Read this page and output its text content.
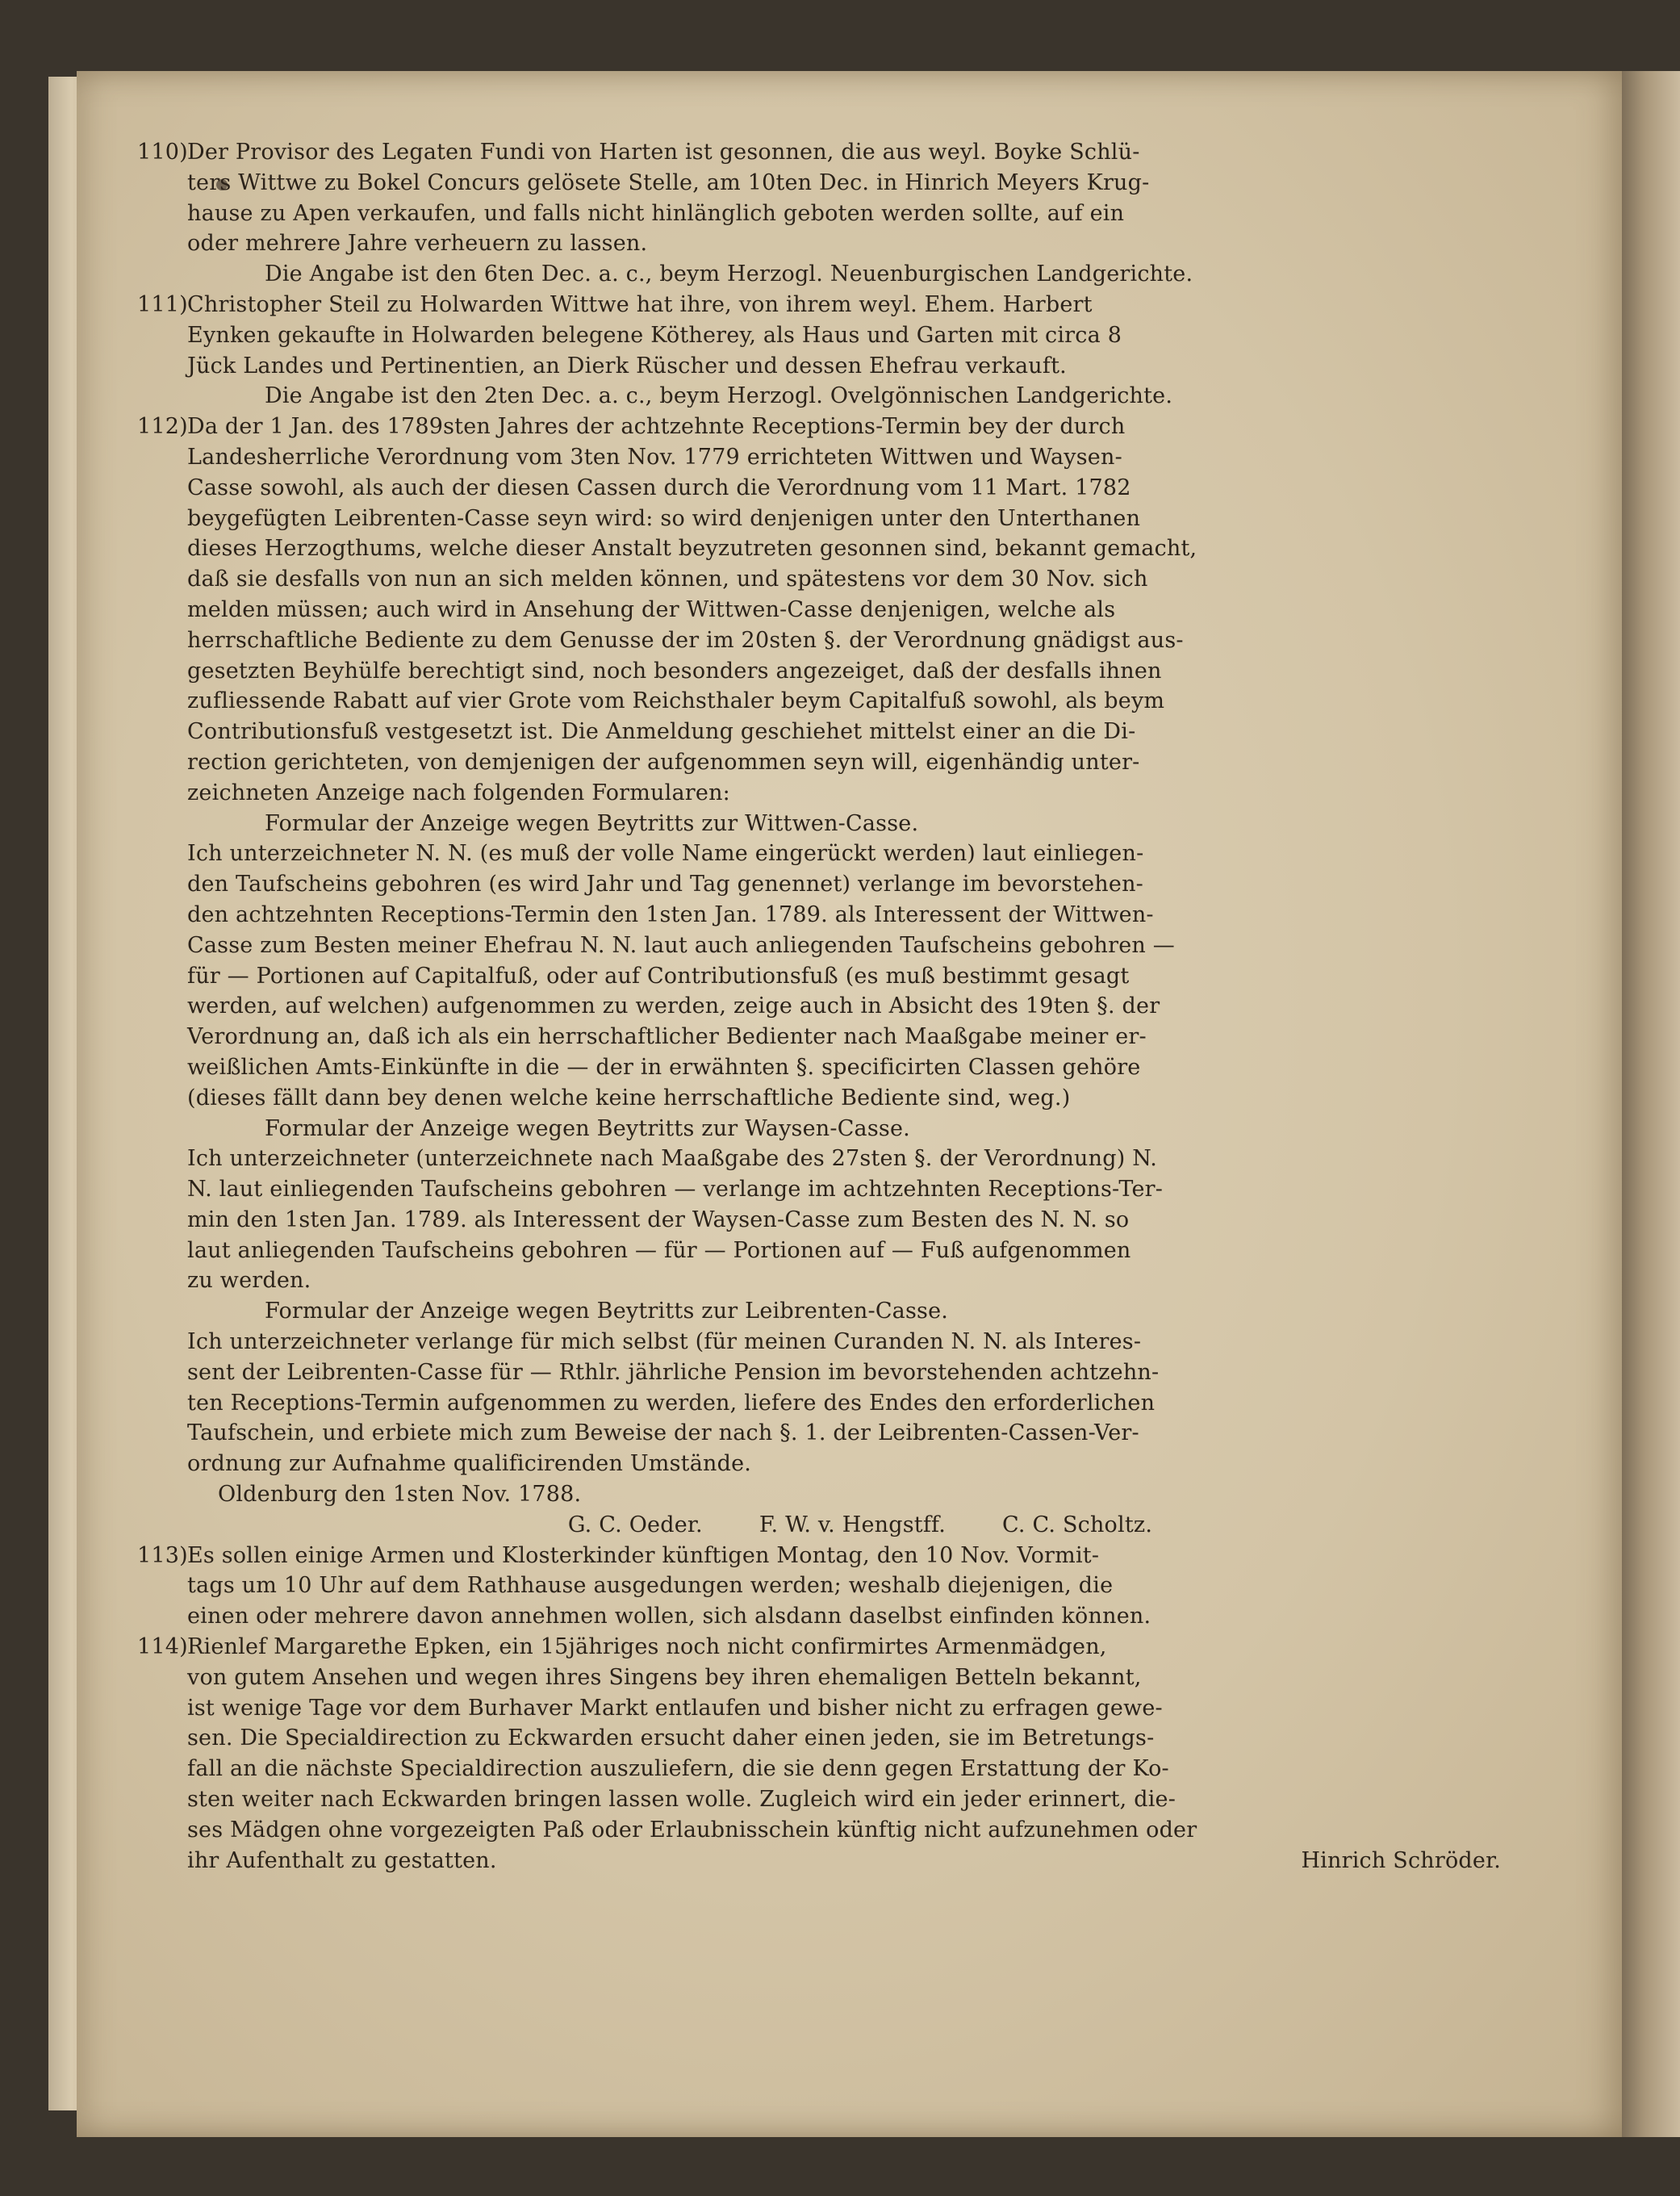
110) Der Provisor des Legaten Fundi von Harten ist gesonnen, die aus weyl. Boyke Schlü-

ters Wittwe zu Bokel Concurs gelösete Stelle, am 10ten Dec. in Hinrich Meyers Krug-

hause zu Apen verkaufen, und falls nicht hinlänglich geboten werden sollte, auf ein

oder mehrere Jahre verheuern zu lassen.

Die Angabe ist den 6ten Dec. a. c., beym Herzogl. Neuenburgischen Landgerichte.

111) Christopher Steil zu Holwarden Wittwe hat ihre, von ihrem weyl. Ehem. Harbert

Eynken gekaufte in Holwarden belegene Kötherey, als Haus und Garten mit circa 8

Jück Landes und Pertinentien, an Dierk Rüscher und dessen Ehefrau verkauft.

Die Angabe ist den 2ten Dec. a. c., beym Herzogl. Ovelgönnischen Landgerichte.

112) Da der 1 Jan. des 1789sten Jahres der achtzehnte Receptions-Termin bey der durch

Landesherrliche Verordnung vom 3ten Nov. 1779 errichteten Wittwen und Waysen-

Casse sowohl, als auch der diesen Cassen durch die Verordnung vom 11 Mart. 1782

beygefügten Leibrenten-Casse seyn wird: so wird denjenigen unter den Unterthanen

dieses Herzogthums, welche dieser Anstalt beyzutreten gesonnen sind, bekannt gemacht,

daß sie desfalls von nun an sich melden können, und spätestens vor dem 30 Nov. sich

melden müssen; auch wird in Ansehung der Wittwen-Casse denjenigen, welche als

herrschaftliche Bediente zu dem Genusse der im 20sten §. der Verordnung gnädigst aus-

gesetzten Beyhülfe berechtigt sind, noch besonders angezeiget, daß der desfalls ihnen

zufliessende Rabatt auf vier Grote vom Reichsthaler beym Capitalfuß sowohl, als beym

Contributionsfuß vestgesetzt ist. Die Anmeldung geschiehet mittelst einer an die Di-

rection gerichteten, von demjenigen der aufgenommen seyn will, eigenhändig unter-

zeichneten Anzeige nach folgenden Formularen:

Formular der Anzeige wegen Beytritts zur Wittwen-Casse.

Ich unterzeichneter N. N. (es muß der volle Name eingerückt werden) laut einliegen-

den Taufscheins gebohren (es wird Jahr und Tag genennet) verlange im bevorstehen-

den achtzehnten Receptions-Termin den 1sten Jan. 1789. als Interessent der Wittwen-

Casse zum Besten meiner Ehefrau N. N. laut auch anliegenden Taufscheins gebohren —

für — Portionen auf Capitalfuß, oder auf Contributionsfuß (es muß bestimmt gesagt

werden, auf welchen) aufgenommen zu werden, zeige auch in Absicht des 19ten §. der

Verordnung an, daß ich als ein herrschaftlicher Bedienter nach Maaßgabe meiner er-

weißlichen Amts-Einkünfte in die — der in erwähnten §. specificirten Classen gehöre

(dieses fällt dann bey denen welche keine herrschaftliche Bediente sind, weg.)

Formular der Anzeige wegen Beytritts zur Waysen-Casse.

Ich unterzeichneter (unterzeichnete nach Maaßgabe des 27sten §. der Verordnung) N.

N. laut einliegenden Taufscheins gebohren — verlange im achtzehnten Receptions-Ter-

min den 1sten Jan. 1789. als Interessent der Waysen-Casse zum Besten des N. N. so

laut anliegenden Taufscheins gebohren — für — Portionen auf — Fuß aufgenommen

zu werden.

Formular der Anzeige wegen Beytritts zur Leibrenten-Casse.

Ich unterzeichneter verlange für mich selbst (für meinen Curanden N. N. als Interes-

sent der Leibrenten-Casse für — Rthlr. jährliche Pension im bevorstehenden achtzehn-

ten Receptions-Termin aufgenommen zu werden, liefere des Endes den erforderlichen

Taufschein, und erbiete mich zum Beweise der nach §. 1. der Leibrenten-Cassen-Ver-

ordnung zur Aufnahme qualificirenden Umstände.

Oldenburg den 1sten Nov. 1788.

G. C. Oeder.	F. W. v. Hengstff.	C. C. Scholtz.
113) Es sollen einige Armen und Klosterkinder künftigen Montag, den 10 Nov. Vormit-

tags um 10 Uhr auf dem Rathhause ausgedungen werden; weshalb diejenigen, die

einen oder mehrere davon annehmen wollen, sich alsdann daselbst einfinden können.

114) Rienlef Margarethe Epken, ein 15jähriges noch nicht confirmirtes Armenmädgen,

von gutem Ansehen und wegen ihres Singens bey ihren ehemaligen Betteln bekannt,

ist wenige Tage vor dem Burhaver Markt entlaufen und bisher nicht zu erfragen gewe-

sen. Die Specialdirection zu Eckwarden ersucht daher einen jeden, sie im Betretungs-

fall an die nächste Specialdirection auszuliefern, die sie denn gegen Erstattung der Ko-

sten weiter nach Eckwarden bringen lassen wolle. Zugleich wird ein jeder erinnert, die-

ses Mädgen ohne vorgezeigten Paß oder Erlaubnisschein künftig nicht aufzunehmen oder

ihr Aufenthalt zu gestatten.	Hinrich Schröder.
